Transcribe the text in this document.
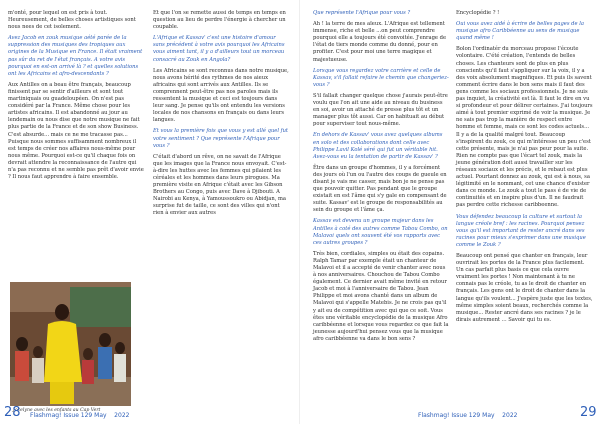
m'onté, pour lequel on est pris à tout. Heureusement, de belles choses artistiques sont nous nees de cet isolement.

Avez Jacob en zouk musique aété parée de la suppression des musiques des tropiques aux origines de la Musique en France. Il était vraiment pas sûr du ret de l'état français. A votre avis pourquoi en est-on arrivé là ? et quelles solutions ont les Africains et afro-descendants ?

Aux Antilles on a beau être français, beaucoup finissent par se sentir d'ailleurs et sont tout martiniquais ou guadeloupéen. On n'est pas considéré par la France. Même chose pour les artistes africains. Il est abandonné au jour au lendemain ou nous dise que notre musique ne fait plus partie de la France et de son show Business. C'est absurde... mais ce ne me tracasse pas... Puisque nous sommes suffisamment nombreux il est temps de créer nos affaires nous-même pour nous même. Pourquoi est-ce qu'il chaque fois on devrait attendre la reconnaissance de l'autre qui n'a pas reconnu et ne semble pas prêt d'avoir envie ? Il nous faut apprendre à faire ensemble.

Et que l'on se remette aussi de temps en temps en question au lieu de perdre l'énergie à chercher un coupable.

L'Afrique et Kassav' c'est une histoire d'amour sans précédent à votre avis pourquoi les Africains vous aiment tant, il y a d'ailleurs tout un morceau consacré au Zouk en Angola?

Les Africains se sont reconnus dans notre musique, nous avons hérité des rythmes de nos aieux africains qui sont arrivés aux Antilles. Ils se comprennent peut-être pas nos paroles mais ils ressentent la musique et ceci est toujours dans leur sang. Je pense qu'ils ont entendu les versions locales de nos chansons en français ou dans leurs langues.

Et vous la première fois que vous y est allé quel fut votre sentiment ? Que représente l'Afrique pour vous ?

C'était d'abord un rêve, on ne savait de l'Afrique que les images que la France nous envoyait. C'est-à-dire les huttes avec les femmes qui pilaient les céréales et les hommes dans leurs pirogues. Ma première visite en Afrique c'était avec les Gibson Brothers au Congo, puis avec Dave à Djibouti. A Nairobi au Kenya, à Yamoussoukro ou Abidjan, ma surprise fut de taille, ce sont des villes qui n'ont rien à envier aux autres

Jocelyne avec les enfants au Cap Vert
28 Flashmag! Issue 129 May    2022

Que représente l'Afrique pour vous ?

Ah ! la terre de mes aïeux. L'Afrique est tellement immense, riche et belle ...on peut comprendre pourquoi elle a toujours été convoitée. J'enrage de l'état de tiers monde comme du donné, pour en profiter. C'est pour moi une terre magique et majestueuse.

Lorsque vous regardez votre carrière et celle de Kassav, s'il fallait refaire le chemin que changeriez-vous ?

S'il fallait changer quelque chose j'aurais peut-être voulu que l'on ait une aide au niveau du business en soi, avoir un attaché de presse plus tôt et un manager plus tôt aussi. Car on habituait au début pour superviser tout nous-même.

En dehors de Kassav' vous avez quelques albums en solo et des collaborations dont celle avec Philippe Lavil Kolé séré qui fut un véritable hit. Avez-vous eu la tentation de partir de Kassav' ?

Être dans un groupe d'hommes, il y a forcément des jours où l'un ou l'autre des coups de gueule en disant je vais me casser, mais bon je ne pense pas que pouvoir quitter. Pas pendant que le groupe existait en est l'âme qui s'y gale en compensant de suite. Kassav' est le groupe de responsabilités au sein du groupe et l'âme ça.

Kassav est devenu un groupe majeur dans les Antilles à coté des autres comme Tabou Combo, on Malavoi quels ont souvent été vos rapports avec ces autres groupes ?

Très bien, cordiales, simples ou était des copains. Ralph Tamar par exemple était un chanteur de Malavoi et il a accepté de venir chanter avec nous à nos anniversaires. Chouchou de Tabou Combo également. Ce dernier avait même invité en retour Jacob et moi à l'anniversaire de Tabou. Jean Philippe et moi avons chanté dans un album de Malavoi qui s'appelle Matebis. Je ne crois pas qu'il y ait eu de compétition avec qui que ce soit. Vous êtes une véritable encyclopédie de la musique Afro caribbéenne et lorsque vous regardez ce que fait la jeunesse aujourd'hui pensez vous que la musique afro caribbéenne va dans le bon sens ?

Encyclopédie ? !

Oui vous avez aidé à écrire de belles pages de la musique afro Caribbéenne au sens de musique quand même !

Bolon l'ordinatér du morceau propose l'écoute volontaire. C'été création, l'entends de belles choses. Les chanteurs sont de plus en plus conscients qu'il faut s'appliquer sur la voix, il y a des voix absolument magnifiques. Et puis ils savent comment écrire dans le bon sens mais il faut des gens comme les sociaux professionnels. Je ne suis pas inquiet, la créativité est là. Il faut le dire en vu si profondeur et pour délirer certaines. J'ai toujours aimé à tout premier exprimé de voir la musique. Je ne sais pas trop la manière de respect entre homme et femme, mais ce sont les codes actuels... Il y a de la qualité malgré tout. Beaucoup s'inspirent du zouk, ce qui m'intéresse un peu c'est cette présente, mais je n'ai pas peur pour la suite. Rien ne compte pas que l'écart tel zouk, mais la jeune génération doit aussi travailler sur les réseaux sociaux et les précis, et le rebaut est plus actuel. Pourtant donnez au zouk, qui est à nous, sa légitimité en le nommant, cet une chance d'exister dans ce monde. Le zouk a tout le pass é de vie de continuités et en inspire plus d'un. Il ne faudrait pas perdre cette richesse caribbeenne.

Vous défendez beaucoup la culture et surtout la langue créole bref : les racines. Pourquoi pensez vous qu'il est important de rester ancré dans ses racines pour mieux s'exprimer dans une musique comme le Zouk ?

Beaucoup ont pensé que chanter en français, leur ouvrirait les portes de la France plus facilement. Un cas parfait plus basis ce que cela ouvre vraiment les portes ! Non maintenant à tu ne connais pas le créole, tu as le droit de chanter en français. Les gens ont le droit de chanter dans la langue qu'ils voulent... J'espère juste que les textes, même simples soient beaux, recherchés comme la musique... Rester ancré dans ses racines ? je le dirais autrement ... Savoir qui tu es.

Flashmag! Issue 129 May    2022	29
